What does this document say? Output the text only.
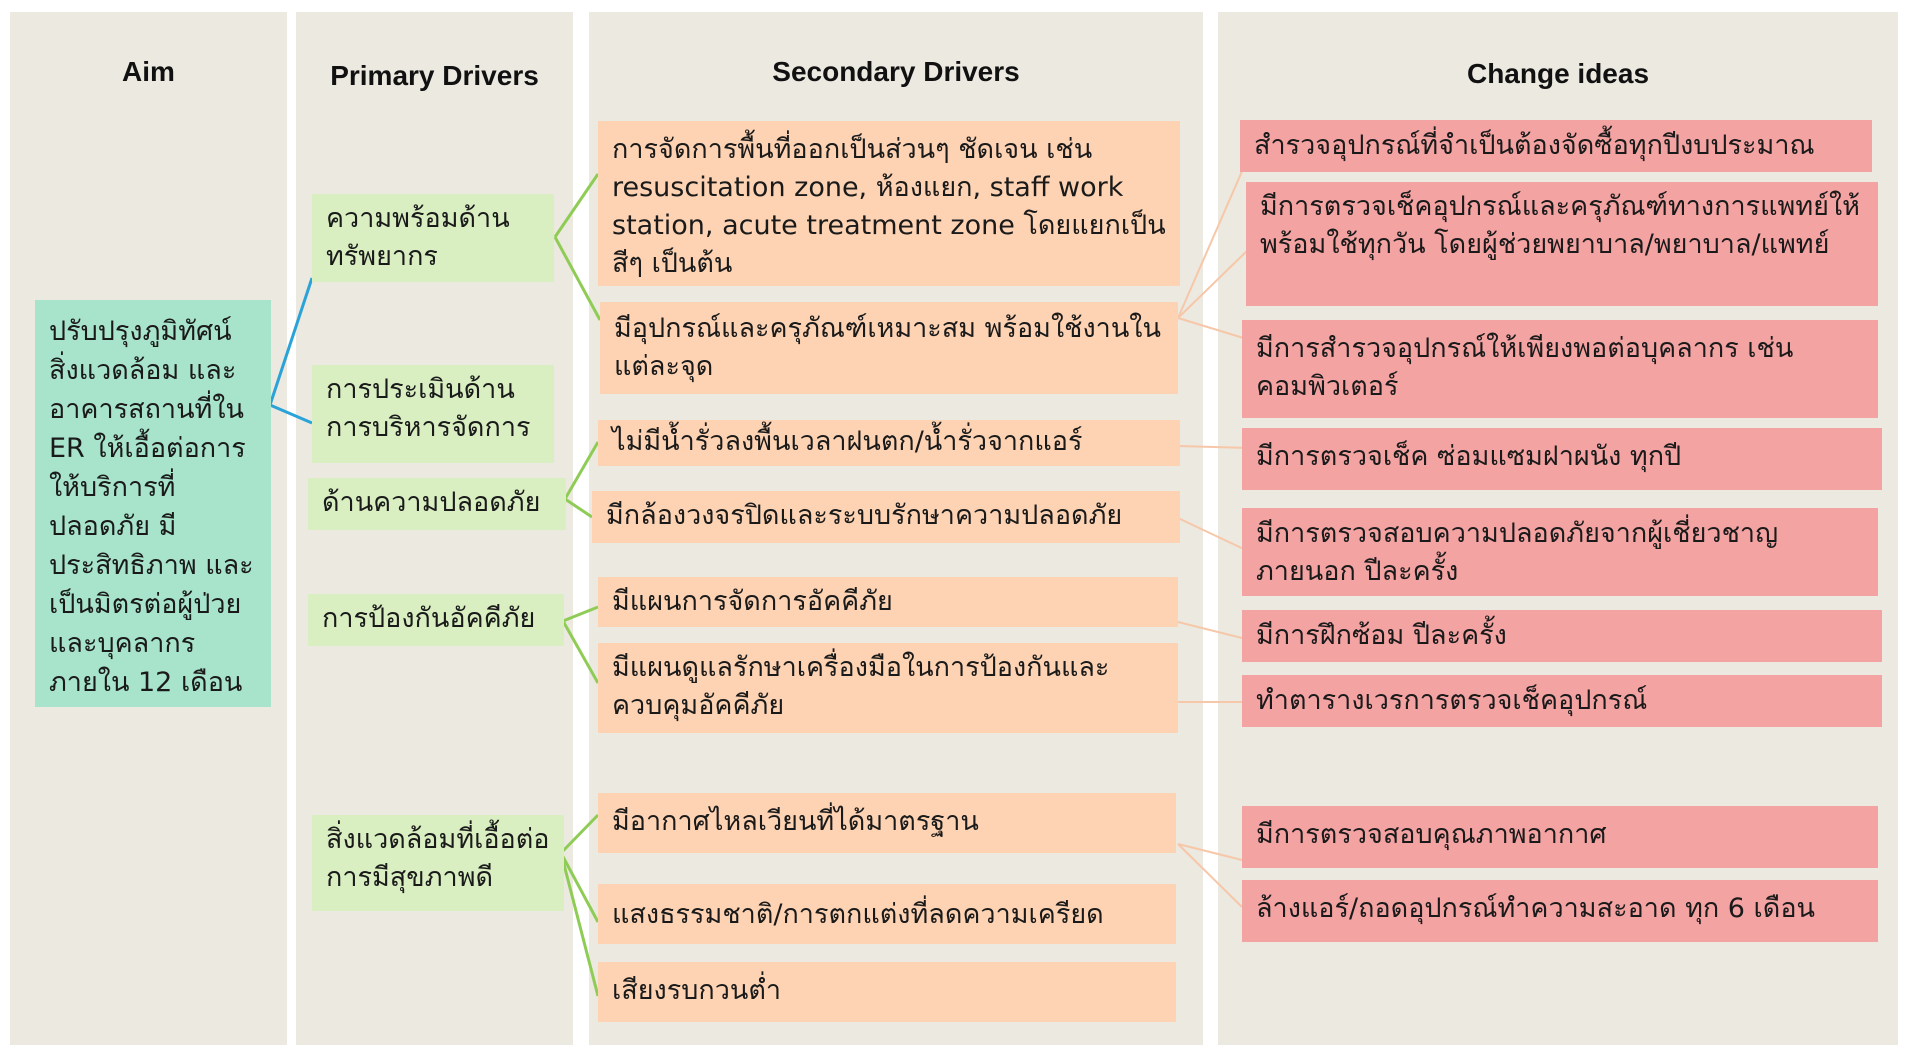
Aim	Primary Drivers	Secondary Drivers	Change ideas
ปรับปรุงภูมิทัศน์ สิ่งแวดล้อม และอาคารสถานที่ใน ER ให้เอื้อต่อการให้บริการที่ปลอดภัย มีประสิทธิภาพ และเป็นมิตรต่อผู้ป่วยและบุคลากร ภายใน 12 เดือน
ความพร้อมด้านทรัพยากร
การประเมินด้านการบริหารจัดการ
ด้านความปลอดภัย
การป้องกันอัคคีภัย
สิ่งแวดล้อมที่เอื้อต่อการมีสุขภาพดี
การจัดการพื้นที่ออกเป็นส่วนๆ ชัดเจน เช่น resuscitation zone, ห้องแยก, staff work station, acute treatment zone โดยแยกเป็นสีๆ เป็นต้น
มีอุปกรณ์และครุภัณฑ์เหมาะสม พร้อมใช้งานในแต่ละจุด
ไม่มีน้ำรั่วลงพื้นเวลาฝนตก/น้ำรั่วจากแอร์
มีกล้องวงจรปิดและระบบรักษาความปลอดภัย
มีแผนการจัดการอัคคีภัย
มีแผนดูแลรักษาเครื่องมือในการป้องกันและควบคุมอัคคีภัย
มีอากาศไหลเวียนที่ได้มาตรฐาน
แสงธรรมชาติ/การตกแต่งที่ลดความเครียด
เสียงรบกวนต่ำ
สำรวจอุปกรณ์ที่จำเป็นต้องจัดซื้อทุกปีงบประมาณ
มีการตรวจเช็คอุปกรณ์และครุภัณฑ์ทางการแพทย์ให้พร้อมใช้ทุกวัน โดยผู้ช่วยพยาบาล/พยาบาล/แพทย์
มีการสำรวจอุปกรณ์ให้เพียงพอต่อบุคลากร เช่น คอมพิวเตอร์
มีการตรวจเช็ค ซ่อมแซมฝาผนัง ทุกปี
มีการตรวจสอบความปลอดภัยจากผู้เชี่ยวชาญภายนอก ปีละครั้ง
มีการฝึกซ้อม ปีละครั้ง
ทำตารางเวรการตรวจเช็คอุปกรณ์
มีการตรวจสอบคุณภาพอากาศ
ล้างแอร์/ถอดอุปกรณ์ทำความสะอาด ทุก 6 เดือน
